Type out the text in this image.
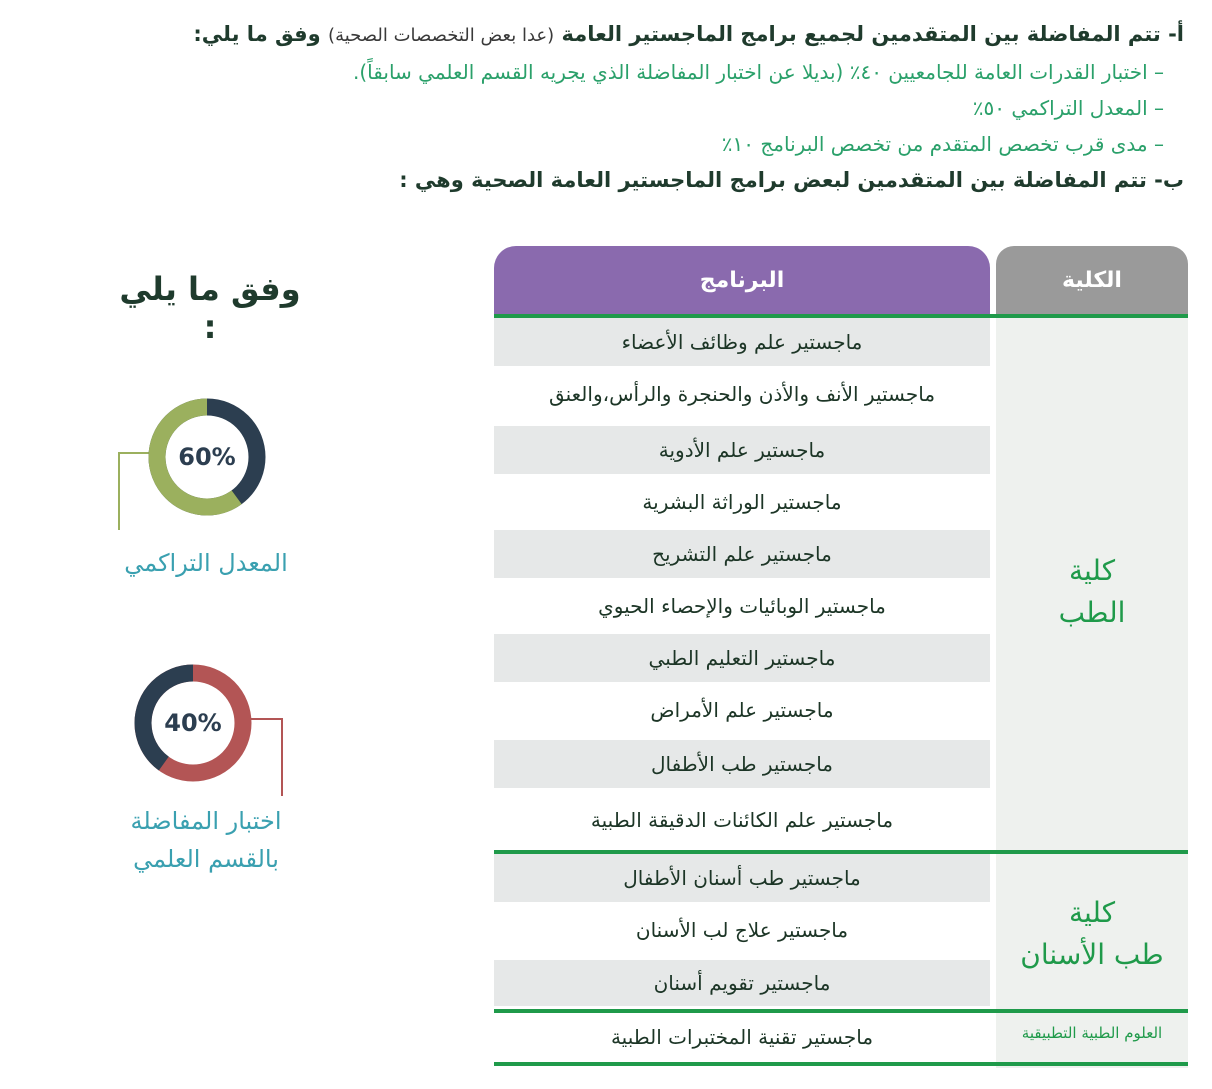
أ- تتم المفاضلة بين المتقدمين لجميع برامج الماجستير العامة (عدا بعض التخصصات الصحية) وفق ما يلي:
– اختبار القدرات العامة للجامعيين ٤٠٪ (بديلا عن اختبار المفاضلة الذي يجريه القسم العلمي سابقاً).
– المعدل التراكمي ٥٠٪
– مدى قرب تخصص المتقدم من تخصص البرنامج ١٠٪
ب- تتم المفاضلة بين المتقدمين لبعض برامج الماجستير العامة الصحية وهي :
البرنامج	الكلية
ماجستير علم وظائف الأعضاء
ماجستير الأنف والأذن والحنجرة والرأس،والعنق
ماجستير علم الأدوية
ماجستير الوراثة البشرية
ماجستير علم التشريح
ماجستير الوبائيات والإحصاء الحيوي
ماجستير التعليم الطبي
ماجستير علم الأمراض
ماجستير طب الأطفال
ماجستير علم الكائنات الدقيقة الطبية
كلية
الطب
ماجستير طب أسنان الأطفال
ماجستير علاج لب الأسنان
ماجستير تقويم أسنان
كلية
طب الأسنان
ماجستير تقنية المختبرات الطبية	العلوم الطبية التطبيقية
وفق ما يلي :
60%
المعدل التراكمي
40%
اختبار المفاضلة
بالقسم العلمي
